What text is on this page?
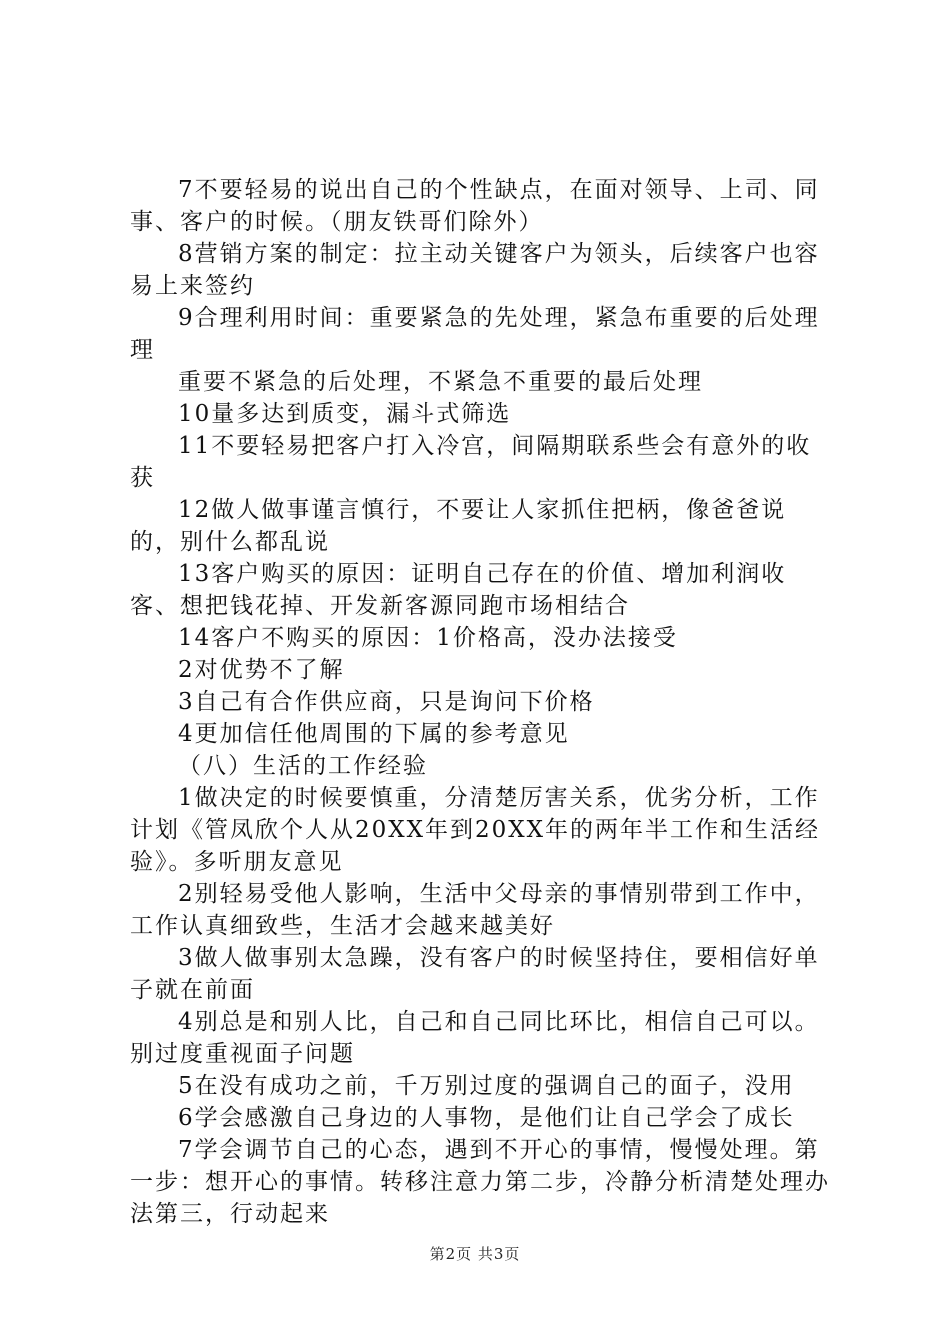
7不要轻易的说出自己的个性缺点，在面对领导、上司、同事、客户的时候。（朋友铁哥们除外）

8营销方案的制定：拉主动关键客户为领头，后续客户也容易上来签约

9合理利用时间：重要紧急的先处理，紧急布重要的后处理理

重要不紧急的后处理，不紧急不重要的最后处理

10量多达到质变，漏斗式筛选

11不要轻易把客户打入冷宫，间隔期联系些会有意外的收获

12做人做事谨言慎行，不要让人家抓住把柄，像爸爸说的，别什么都乱说

13客户购买的原因：证明自己存在的价值、增加利润收客、想把钱花掉、开发新客源同跑市场相结合

14客户不购买的原因：1价格高，没办法接受

2对优势不了解

3自己有合作供应商，只是询问下价格

4更加信任他周围的下属的参考意见

（八）生活的工作经验

1做决定的时候要慎重，分清楚厉害关系，优劣分析，工作计划《管凤欣个人从20XX年到20XX年的两年半工作和生活经验》。多听朋友意见

2别轻易受他人影响，生活中父母亲的事情别带到工作中，工作认真细致些，生活才会越来越美好

3做人做事别太急躁，没有客户的时候坚持住，要相信好单子就在前面

4别总是和别人比，自己和自己同比环比，相信自己可以。别过度重视面子问题

5在没有成功之前，千万别过度的强调自己的面子，没用

6学会感激自己身边的人事物，是他们让自己学会了成长

7学会调节自己的心态，遇到不开心的事情，慢慢处理。第一步：想开心的事情。转移注意力第二步，冷静分析清楚处理办法第三，行动起来

第2页 共3页
